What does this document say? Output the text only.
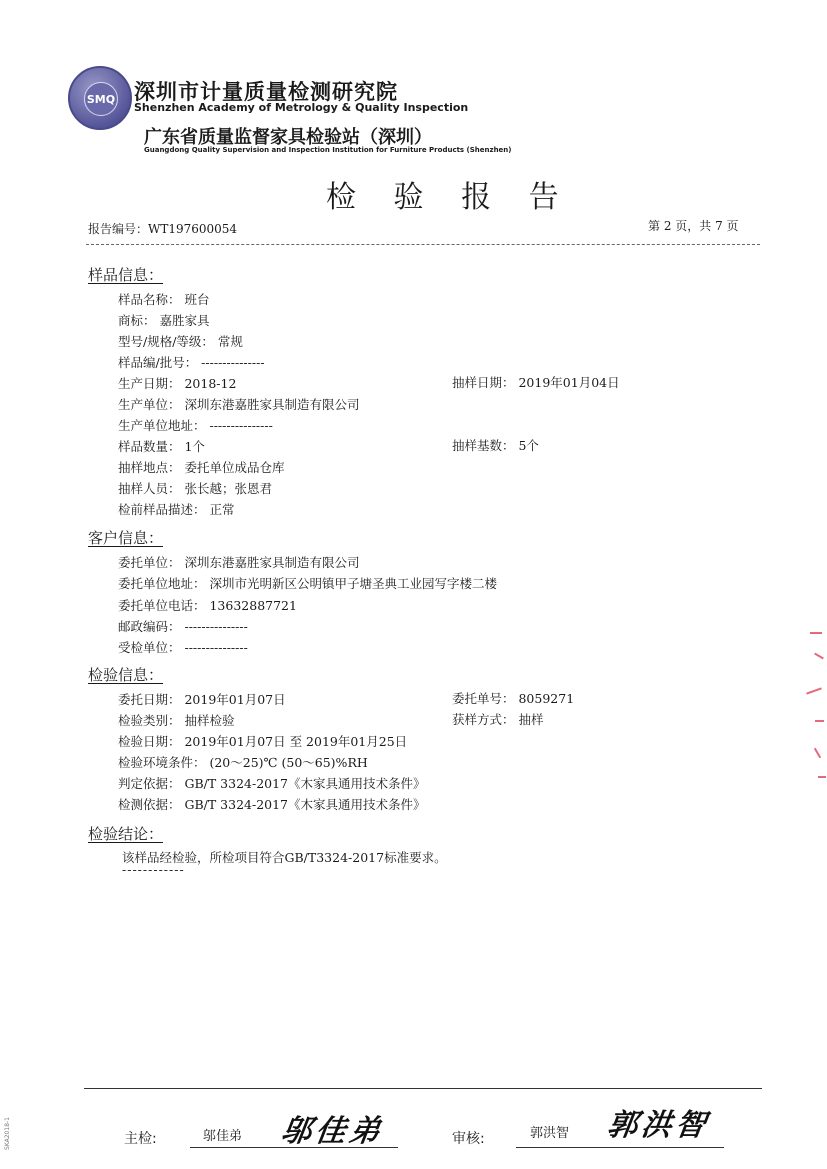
SMQ 深圳市计量质量检测研究院
Shenzhen Academy of Metrology & Quality Inspection
广东省质量监督家具检验站（深圳）
Guangdong Quality Supervision and Inspection Institution for Furniture Products (Shenzhen)
检 验 报 告
报告编号：WT197600054	第 2 页，共 7 页
样品信息：
样品名称： 班台
商标： 嘉胜家具
型号/规格/等级： 常规
样品编/批号： ---------------
生产日期： 2018-12	抽样日期： 2019年01月04日
生产单位： 深圳东港嘉胜家具制造有限公司
生产单位地址： ---------------
样品数量： 1个	抽样基数： 5个
抽样地点： 委托单位成品仓库
抽样人员： 张长越；张恩君
检前样品描述： 正常
客户信息：
委托单位： 深圳东港嘉胜家具制造有限公司
委托单位地址： 深圳市光明新区公明镇甲子塘圣典工业园写字楼二楼
委托单位电话： 13632887721
邮政编码： ---------------
受检单位： ---------------
检验信息：
委托日期： 2019年01月07日	委托单号： 8059271
检验类别： 抽样检验	获样方式： 抽样
检验日期： 2019年01月07日 至 2019年01月25日
检验环境条件： (20～25)℃ (50～65)%RH
判定依据： GB/T 3324-2017《木家具通用技术条件》
检测依据： GB/T 3324-2017《木家具通用技术条件》
检验结论：
该样品经检验，所检项目符合GB/T3324-2017标准要求。
------------
主检:	邬佳弟 邬佳弟	审核:	郭洪智 郭洪智
SKA2018-1
